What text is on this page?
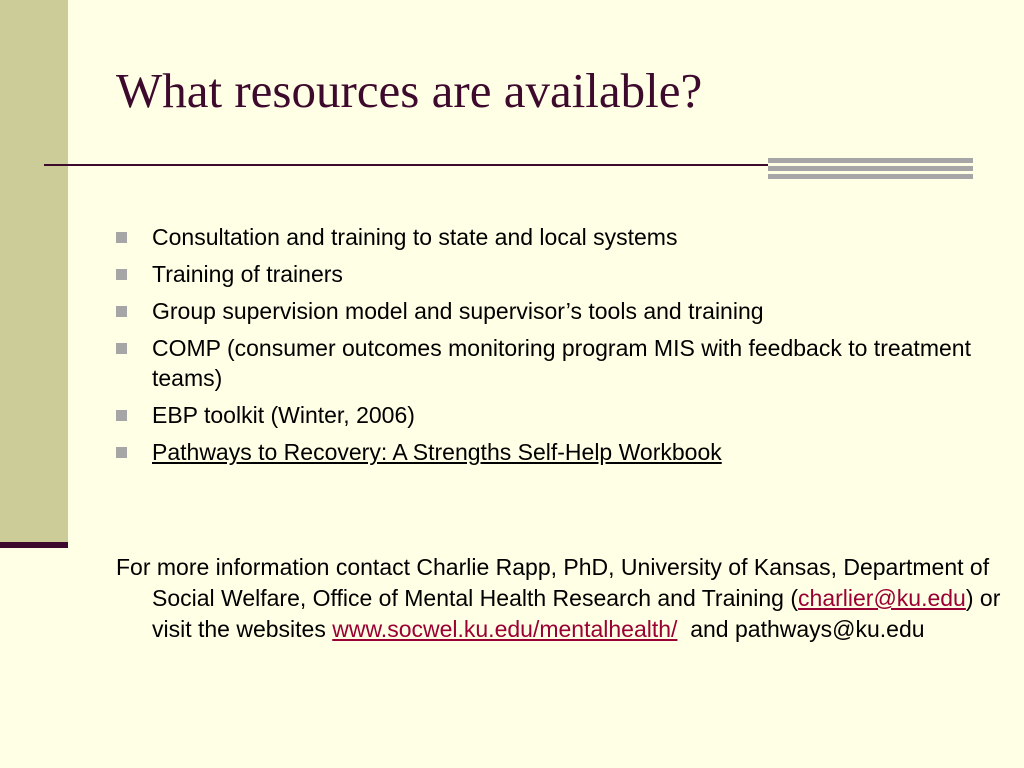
What resources are available?
Consultation and training to state and local systems
Training of trainers
Group supervision model and supervisor’s tools and training
COMP (consumer outcomes monitoring program MIS with feedback to treatment teams)
EBP toolkit (Winter, 2006)
Pathways to Recovery: A Strengths Self-Help Workbook
For more information contact Charlie Rapp, PhD, University of Kansas, Department of Social Welfare, Office of Mental Health Research and Training (charlier@ku.edu) or visit the websites www.socwel.ku.edu/mentalhealth/  and pathways@ku.edu
